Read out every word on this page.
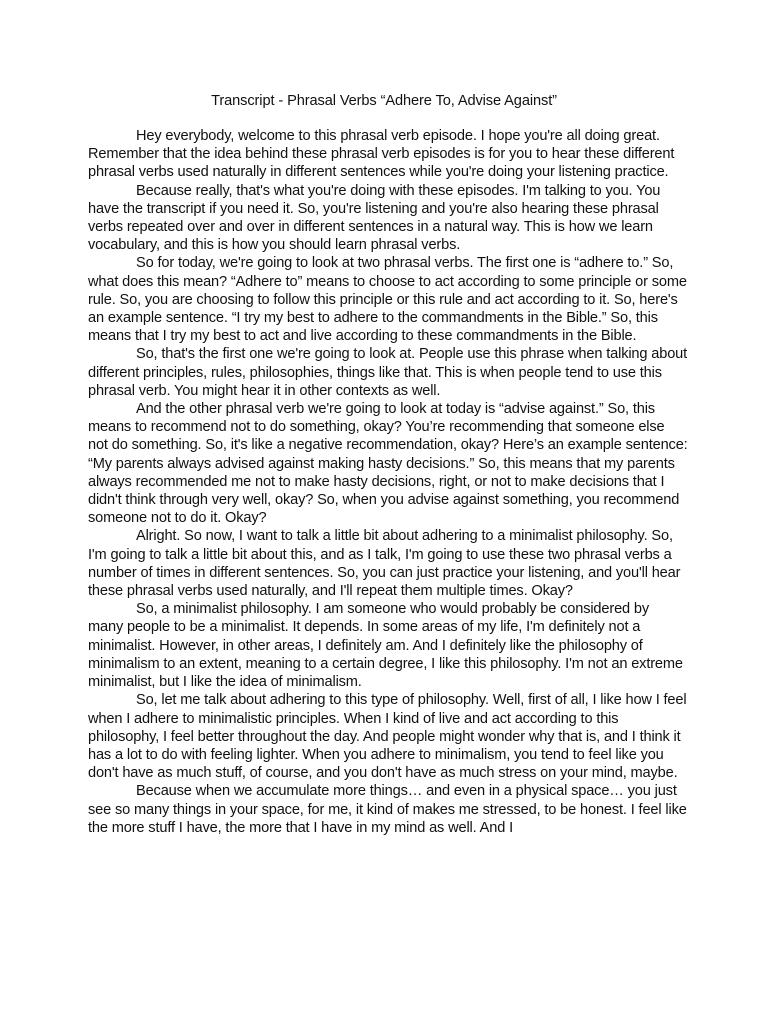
Transcript - Phrasal Verbs “Adhere To, Advise Against”

Hey everybody, welcome to this phrasal verb episode. I hope you're all doing great. Remember that the idea behind these phrasal verb episodes is for you to hear these different phrasal verbs used naturally in different sentences while you're doing your listening practice.

Because really, that's what you're doing with these episodes. I'm talking to you. You have the transcript if you need it. So, you're listening and you're also hearing these phrasal verbs repeated over and over in different sentences in a natural way. This is how we learn vocabulary, and this is how you should learn phrasal verbs.

So for today, we're going to look at two phrasal verbs. The first one is “adhere to.” So, what does this mean? “Adhere to” means to choose to act according to some principle or some rule. So, you are choosing to follow this principle or this rule and act according to it. So, here's an example sentence. “I try my best to adhere to the commandments in the Bible.” So, this means that I try my best to act and live according to these commandments in the Bible.

So, that's the first one we're going to look at. People use this phrase when talking about different principles, rules, philosophies, things like that. This is when people tend to use this phrasal verb. You might hear it in other contexts as well.

And the other phrasal verb we're going to look at today is “advise against.” So, this means to recommend not to do something, okay? You’re recommending that someone else not do something. So, it's like a negative recommendation, okay? Here’s an example sentence: “My parents always advised against making hasty decisions.” So, this means that my parents always recommended me not to make hasty decisions, right, or not to make decisions that I didn't think through very well, okay? So, when you advise against something, you recommend someone not to do it. Okay?

Alright. So now, I want to talk a little bit about adhering to a minimalist philosophy. So, I'm going to talk a little bit about this, and as I talk, I'm going to use these two phrasal verbs a number of times in different sentences. So, you can just practice your listening, and you'll hear these phrasal verbs used naturally, and I'll repeat them multiple times. Okay?

So, a minimalist philosophy. I am someone who would probably be considered by many people to be a minimalist. It depends. In some areas of my life, I'm definitely not a minimalist. However, in other areas, I definitely am. And I definitely like the philosophy of minimalism to an extent, meaning to a certain degree, I like this philosophy. I'm not an extreme minimalist, but I like the idea of minimalism.

So, let me talk about adhering to this type of philosophy. Well, first of all, I like how I feel when I adhere to minimalistic principles. When I kind of live and act according to this philosophy, I feel better throughout the day. And people might wonder why that is, and I think it has a lot to do with feeling lighter. When you adhere to minimalism, you tend to feel like you don't have as much stuff, of course, and you don't have as much stress on your mind, maybe.

Because when we accumulate more things… and even in a physical space… you just see so many things in your space, for me, it kind of makes me stressed, to be honest. I feel like the more stuff I have, the more that I have in my mind as well. And I
